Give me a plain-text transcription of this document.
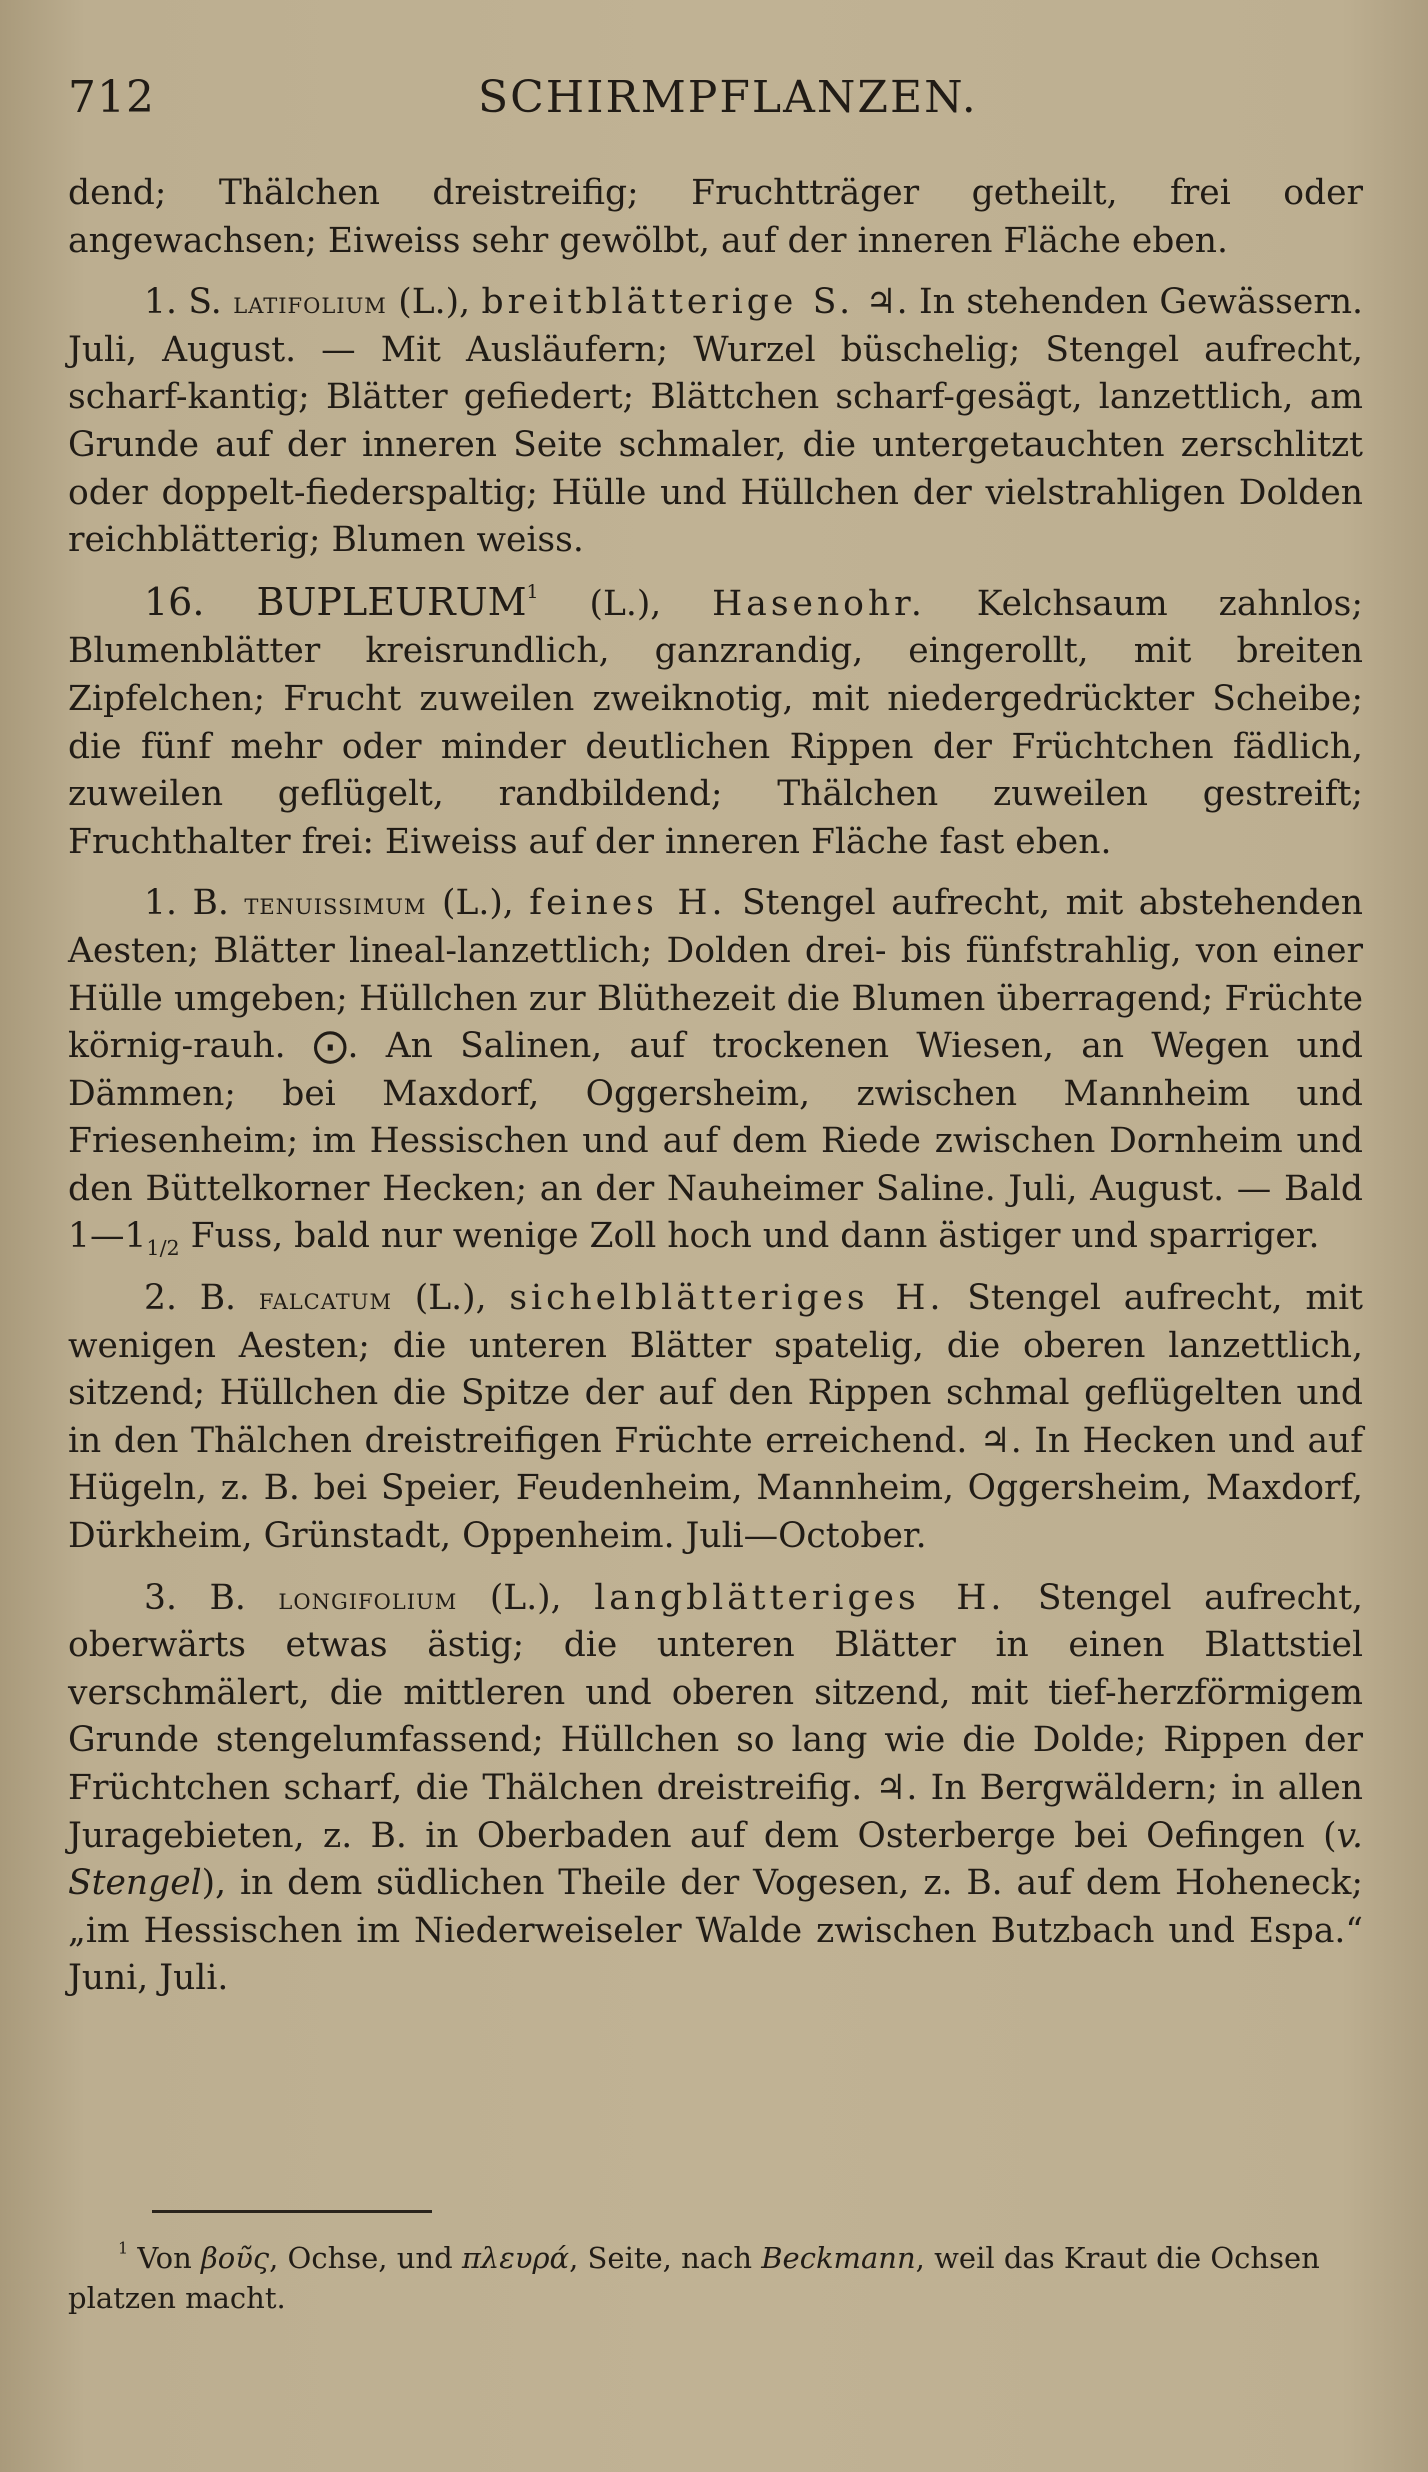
712	SCHIRMPFLANZEN.

dend; Thälchen dreistreifig; Fruchtträger getheilt, frei oder angewachsen; Eiweiss sehr gewölbt, auf der inneren Fläche eben.

1. S. latifolium (L.), breitblätterige S. ♃. In stehenden Gewässern. Juli, August. — Mit Ausläufern; Wurzel büschelig; Stengel aufrecht, scharf-kantig; Blätter gefiedert; Blättchen scharf-gesägt, lanzettlich, am Grunde auf der inneren Seite schmaler, die untergetauchten zerschlitzt oder doppelt-fiederspaltig; Hülle und Hüllchen der vielstrahligen Dolden reichblätterig; Blumen weiss.

16. BUPLEURUM$^1$ (L.), Hasenohr. Kelchsaum zahnlos; Blumenblätter kreisrundlich, ganzrandig, eingerollt, mit breiten Zipfelchen; Frucht zuweilen zweiknotig, mit niedergedrückter Scheibe; die fünf mehr oder minder deutlichen Rippen der Früchtchen fädlich, zuweilen geflügelt, randbildend; Thälchen zuweilen gestreift; Fruchthalter frei: Eiweiss auf der inneren Fläche fast eben.

1. B. tenuissimum (L.), feines H. Stengel aufrecht, mit abstehenden Aesten; Blätter lineal-lanzettlich; Dolden drei- bis fünfstrahlig, von einer Hülle umgeben; Hüllchen zur Blüthezeit die Blumen überragend; Früchte körnig-rauh. ⨀. An Salinen, auf trockenen Wiesen, an Wegen und Dämmen; bei Maxdorf, Oggersheim, zwischen Mannheim und Friesenheim; im Hessischen und auf dem Riede zwischen Dornheim und den Büttelkorner Hecken; an der Nauheimer Saline. Juli, August. — Bald $1—1_{1/2}$ Fuss, bald nur wenige Zoll hoch und dann ästiger und sparriger.

2. B. falcatum (L.), sichelblätteriges H. Stengel aufrecht, mit wenigen Aesten; die unteren Blätter spatelig, die oberen lanzettlich, sitzend; Hüllchen die Spitze der auf den Rippen schmal geflügelten und in den Thälchen dreistreifigen Früchte erreichend. ♃. In Hecken und auf Hügeln, z. B. bei Speier, Feudenheim, Mannheim, Oggersheim, Maxdorf, Dürkheim, Grünstadt, Oppenheim. Juli—October.

3. B. longifolium (L.), langblätteriges H. Stengel aufrecht, oberwärts etwas ästig; die unteren Blätter in einen Blattstiel verschmälert, die mittleren und oberen sitzend, mit tief-herzförmigem Grunde stengelumfassend; Hüllchen so lang wie die Dolde; Rippen der Früchtchen scharf, die Thälchen dreistreifig. ♃. In Bergwäldern; in allen Juragebieten, z. B. in Oberbaden auf dem Osterberge bei Oefingen (v. Stengel), in dem südlichen Theile der Vogesen, z. B. auf dem Hoheneck; „im Hessischen im Niederweiseler Walde zwischen Butzbach und Espa.“ Juni, Juli.

$^1$ Von βοῦς, Ochse, und πλευρά, Seite, nach Beckmann, weil das Kraut die Ochsen platzen macht.
